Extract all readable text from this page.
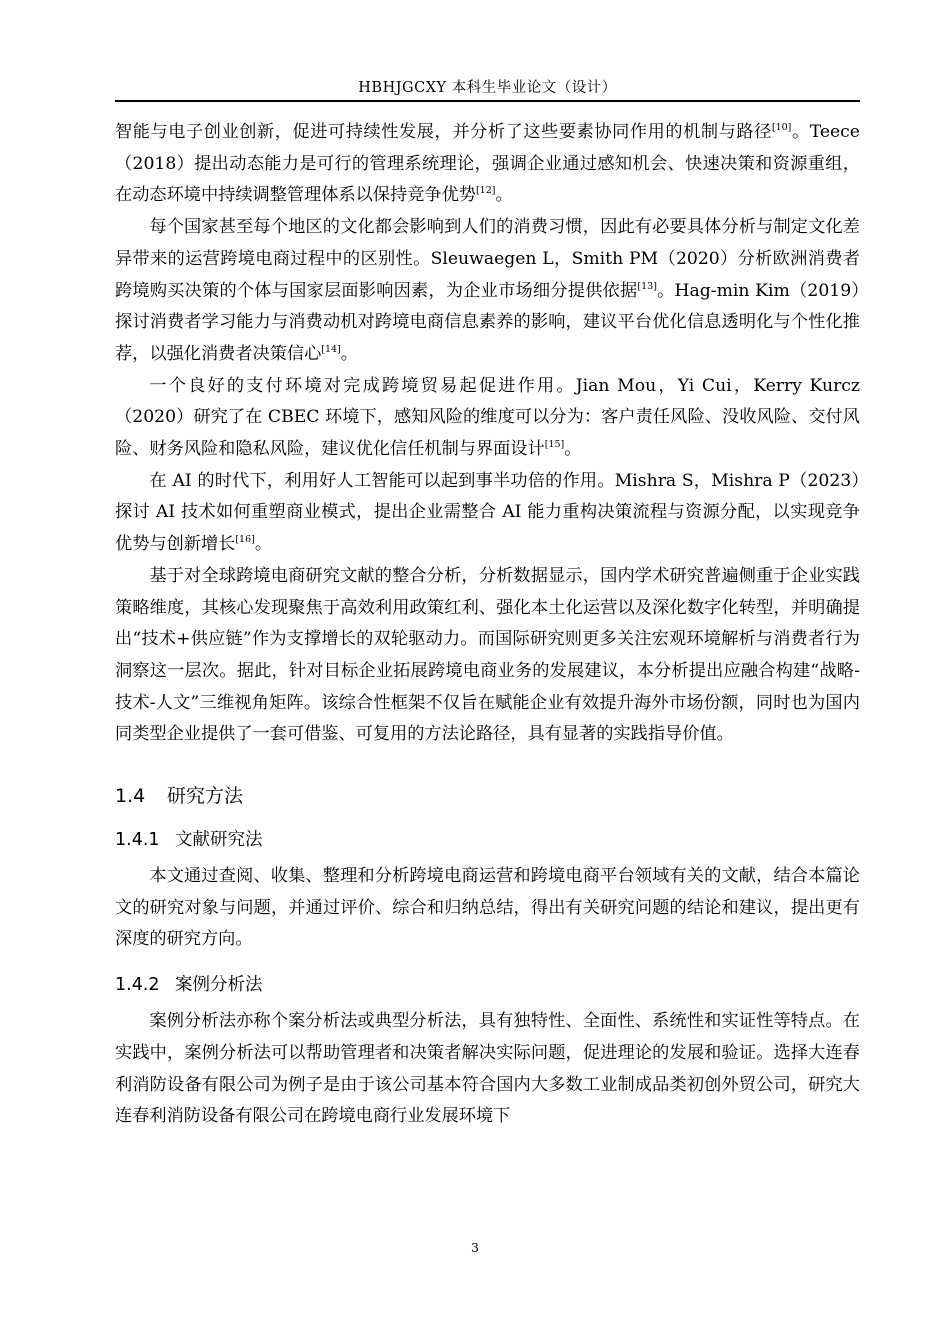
HBHJGCXY 本科生毕业论文（设计）

智能与电子创业创新，促进可持续性发展，并分析了这些要素协同作用的机制与路径[10]。Teece（2018）提出动态能力是可行的管理系统理论，强调企业通过感知机会、快速决策和资源重组，在动态环境中持续调整管理体系以保持竞争优势[12]。

每个国家甚至每个地区的文化都会影响到人们的消费习惯，因此有必要具体分析与制定文化差异带来的运营跨境电商过程中的区别性。Sleuwaegen L，Smith PM（2020）分析欧洲消费者跨境购买决策的个体与国家层面影响因素，为企业市场细分提供依据[13]。Hag-min Kim（2019）探讨消费者学习能力与消费动机对跨境电商信息素养的影响，建议平台优化信息透明化与个性化推荐，以强化消费者决策信心[14]。

一个良好的支付环境对完成跨境贸易起促进作用。Jian Mou，Yi Cui，Kerry Kurcz（2020）研究了在 CBEC 环境下，感知风险的维度可以分为：客户责任风险、没收风险、交付风险、财务风险和隐私风险，建议优化信任机制与界面设计[15]。

在 AI 的时代下，利用好人工智能可以起到事半功倍的作用。Mishra S，Mishra P（2023）探讨 AI 技术如何重塑商业模式，提出企业需整合 AI 能力重构决策流程与资源分配，以实现竞争优势与创新增长[16]。

基于对全球跨境电商研究文献的整合分析，分析数据显示，国内学术研究普遍侧重于企业实践策略维度，其核心发现聚焦于高效利用政策红利、强化本土化运营以及深化数字化转型，并明确提出“技术+供应链”作为支撑增长的双轮驱动力。而国际研究则更多关注宏观环境解析与消费者行为洞察这一层次。据此，针对目标企业拓展跨境电商业务的发展建议，本分析提出应融合构建“战略-技术-人文”三维视角矩阵。该综合性框架不仅旨在赋能企业有效提升海外市场份额，同时也为国内同类型企业提供了一套可借鉴、可复用的方法论路径，具有显著的实践指导价值。

1.4 研究方法
1.4.1 文献研究法

本文通过查阅、收集、整理和分析跨境电商运营和跨境电商平台领域有关的文献，结合本篇论文的研究对象与问题，并通过评价、综合和归纳总结，得出有关研究问题的结论和建议，提出更有深度的研究方向。

1.4.2 案例分析法

案例分析法亦称个案分析法或典型分析法，具有独特性、全面性、系统性和实证性等特点。在实践中，案例分析法可以帮助管理者和决策者解决实际问题，促进理论的发展和验证。选择大连春利消防设备有限公司为例子是由于该公司基本符合国内大多数工业制成品类初创外贸公司，研究大连春利消防设备有限公司在跨境电商行业发展环境下

3
